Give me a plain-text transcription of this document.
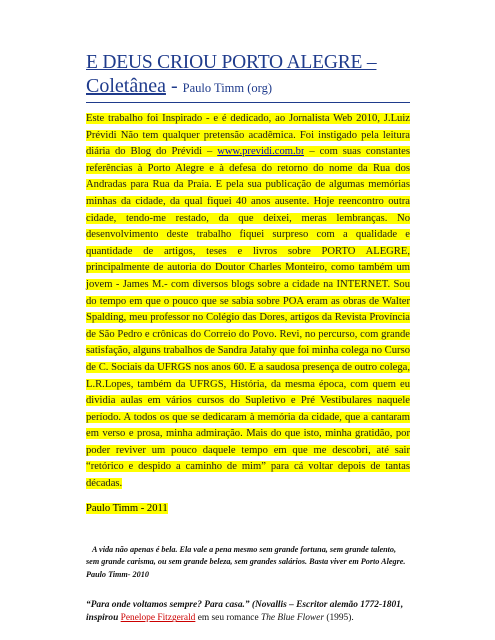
E DEUS CRIOU PORTO ALEGRE –
Coletânea - Paulo Timm (org)
Este trabalho foi Inspirado - e é dedicado, ao Jornalista Web 2010, J.Luiz Prévidi Não tem qualquer pretensão acadêmica. Foi instigado pela leitura diária do Blog do Prévidi – www.previdi.com.br – com suas constantes referências à Porto Alegre e à defesa do retorno do nome da Rua dos Andradas para Rua da Praia. E pela sua publicação de algumas memórias minhas da cidade, da qual fiquei 40 anos ausente. Hoje reencontro outra cidade, tendo-me restado, da que deixei, meras lembranças. No desenvolvimento deste trabalho fiquei surpreso com a qualidade e quantidade de artigos, teses e livros sobre PORTO ALEGRE, principalmente de autoria do Doutor Charles Monteiro, como também um jovem - James M.- com diversos blogs sobre a cidade na INTERNET. Sou do tempo em que o pouco que se sabia sobre POA eram as obras de Walter Spalding, meu professor no Colégio das Dores, artigos da Revista Província de São Pedro e crônicas do Correio do Povo. Revi, no percurso, com grande satisfação, alguns trabalhos de Sandra Jatahy que foi minha colega no Curso de C. Sociais da UFRGS nos anos 60. E a saudosa presença de outro colega, L.R.Lopes, também da UFRGS, História, da mesma época, com quem eu dividia aulas em vários cursos do Supletivo e Pré Vestibulares naquele período. A todos os que se dedicaram à memória da cidade, que a cantaram em verso e prosa, minha admiração. Mais do que isto, minha gratidão, por poder reviver um pouco daquele tempo em que me descobri, até sair “retórico e despido a caminho de mim” para cá voltar depois de tantas décadas.
Paulo Timm - 2011
A vida não apenas é bela. Ela vale a pena mesmo sem grande fortuna, sem grande talento, sem grande carisma, ou sem grande beleza, sem grandes salários. Basta viver em Porto Alegre. Paulo Timm- 2010
“Para onde voltamos sempre? Para casa.” (Novallis – Escritor alemão 1772-1801, inspirou Penelope Fitzgerald em seu romance The Blue Flower (1995).
